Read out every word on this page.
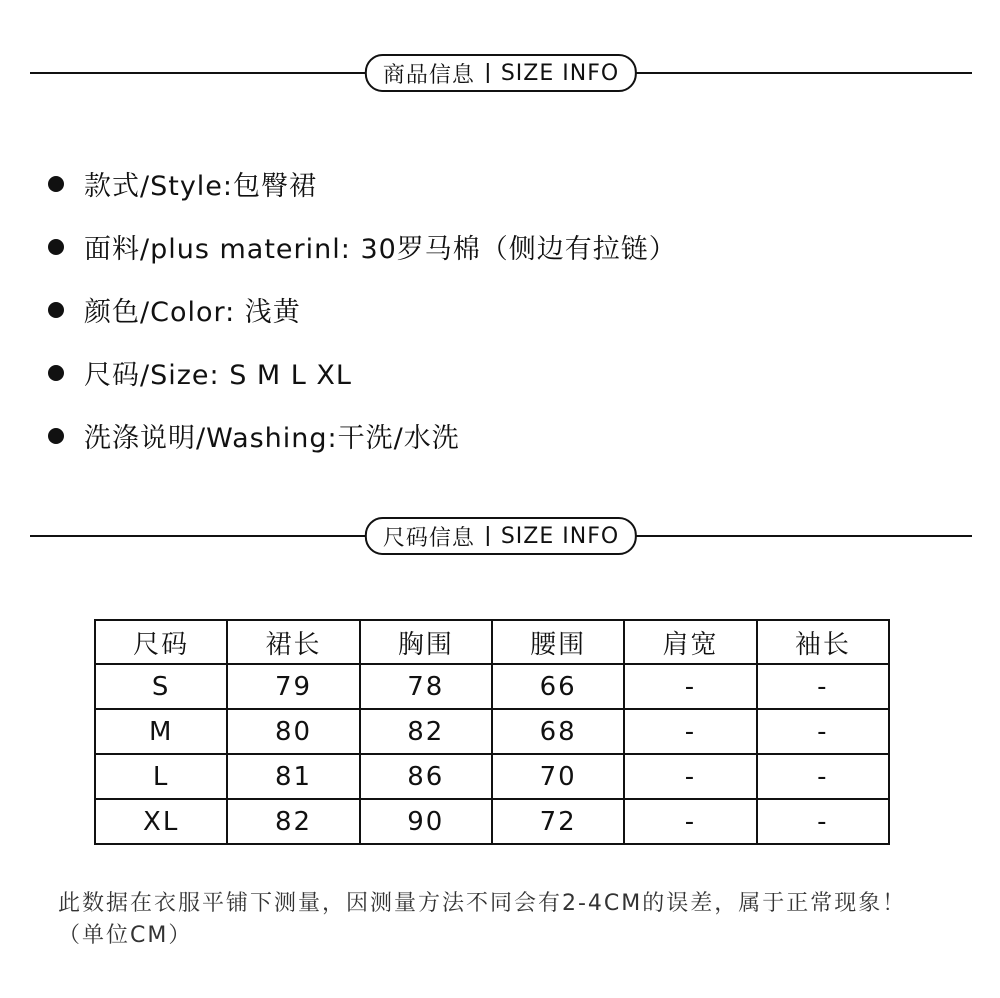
商品信息 SIZE INFO
款式/Style:包臀裙
面料/plus materinl: 30罗马棉（侧边有拉链）
颜色/Color: 浅黄
尺码/Size: S M L XL
洗涤说明/Washing:干洗/水洗
尺码信息 SIZE INFO
尺码	裙长	胸围	腰围	肩宽	袖长
S	79	78	66	-	-
M	80	82	68	-	-
L	81	86	70	-	-
XL	82	90	72	-	-

此数据在衣服平铺下测量，因测量方法不同会有2-4CM的误差，属于正常现象！（单位CM）
